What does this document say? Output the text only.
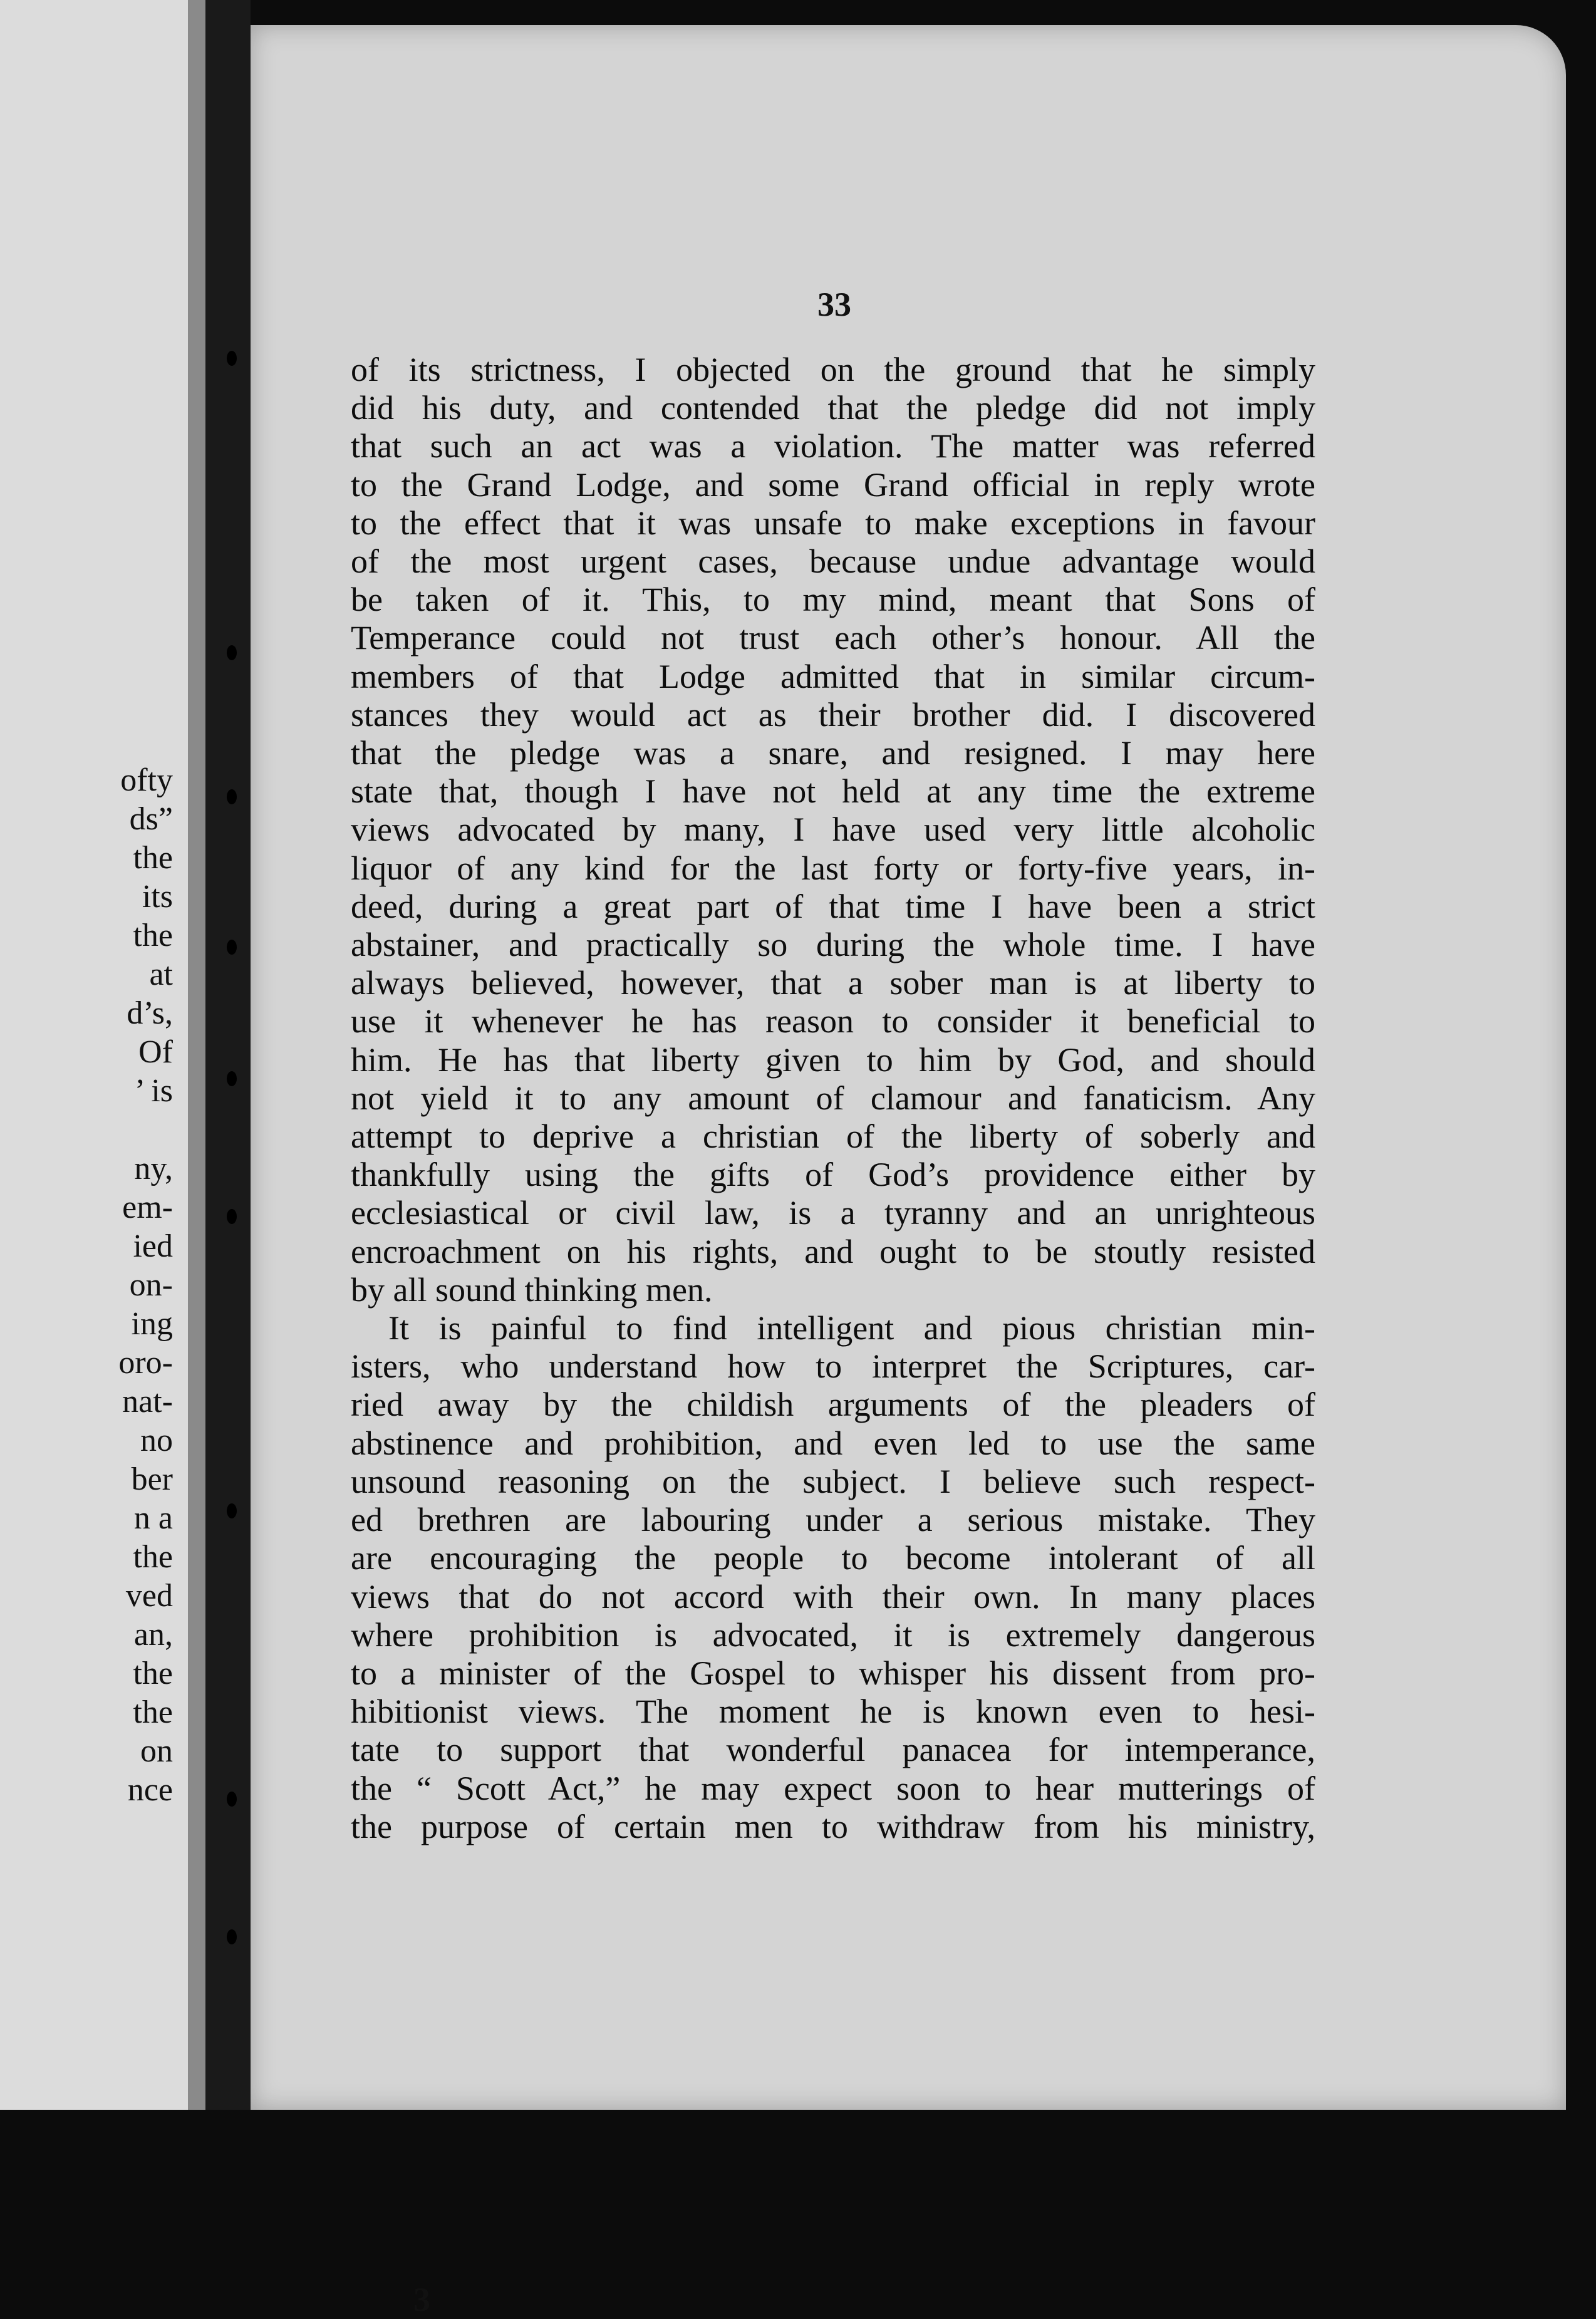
ofty
ds”
the
its
the
at
d’s,
Of
’ is

ny,
em-
ied
on-
ing
oro-
nat-
no
ber
n a
the
ved
an,
the
the
on
nce

33

of its strictness, I objected on the ground that he simply
did his duty, and contended that the pledge did not imply
that such an act was a violation. The matter was referred
to the Grand Lodge, and some Grand official in reply wrote
to the effect that it was unsafe to make exceptions in favour
of the most urgent cases, because undue advantage would
be taken of it. This, to my mind, meant that Sons of
Temperance could not trust each other’s honour. All the
members of that Lodge admitted that in similar circum-
stances they would act as their brother did. I discovered
that the pledge was a snare, and resigned. I may here
state that, though I have not held at any time the extreme
views advocated by many, I have used very little alcoholic
liquor of any kind for the last forty or forty-five years, in-
deed, during a great part of that time I have been a strict
abstainer, and practically so during the whole time. I have
always believed, however, that a sober man is at liberty to
use it whenever he has reason to consider it beneficial to
him. He has that liberty given to him by God, and should
not yield it to any amount of clamour and fanaticism. Any
attempt to deprive a christian of the liberty of soberly and
thankfully using the gifts of God’s providence either by
ecclesiastical or civil law, is a tyranny and an unrighteous
encroachment on his rights, and ought to be stoutly resisted
by all sound thinking men.
It is painful to find intelligent and pious christian min-
isters, who understand how to interpret the Scriptures, car-
ried away by the childish arguments of the pleaders of
abstinence and prohibition, and even led to use the same
unsound reasoning on the subject. I believe such respect-
ed brethren are labouring under a serious mistake. They
are encouraging the people to become intolerant of all
views that do not accord with their own. In many places
where prohibition is advocated, it is extremely dangerous
to a minister of the Gospel to whisper his dissent from pro-
hibitionist views. The moment he is known even to hesi-
tate to support that wonderful panacea for intemperance,
the “ Scott Act,” he may expect soon to hear mutterings of
the purpose of certain men to withdraw from his ministry,

3
